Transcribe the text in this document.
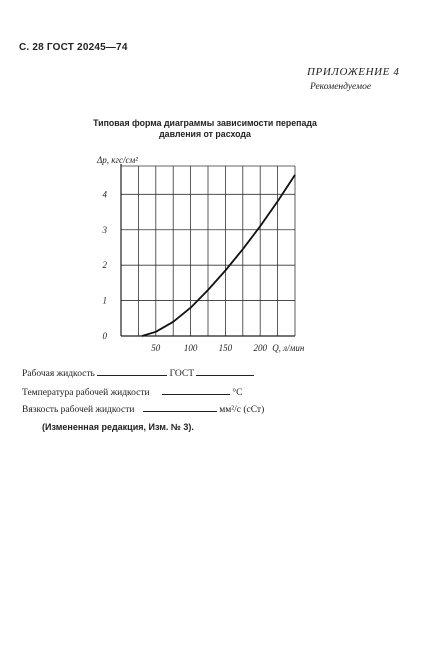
С. 28 ГОСТ 20245—74
ПРИЛОЖЕНИЕ 4
Рекомендуемое
Типовая форма диаграммы зависимости перепада
давления от расхода
0
1
2
3
4
50	100 150 200
Δp, кгс/см²
Q, л/мин
Рабочая жидкость	ГОСТ
Температура рабочей жидкости	°С
Вязкость рабочей жидкости	мм²/с (сСт)
(Измененная редакция, Изм. № 3).
